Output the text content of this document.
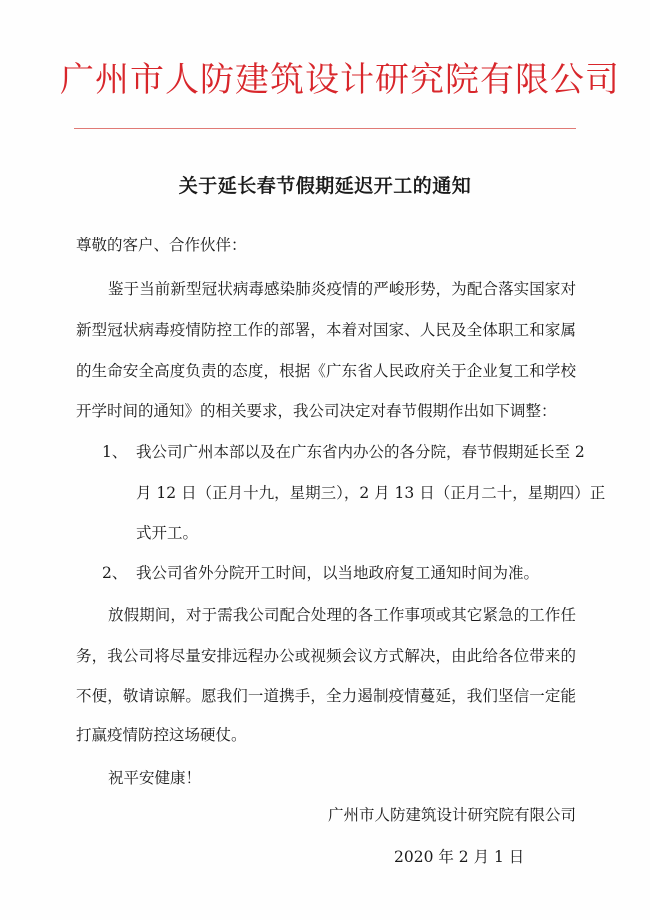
广州市人防建筑设计研究院有限公司
关于延长春节假期延迟开工的通知
尊敬的客户、合作伙伴：
鉴于当前新型冠状病毒感染肺炎疫情的严峻形势，为配合落实国家对
新型冠状病毒疫情防控工作的部署，本着对国家、人民及全体职工和家属
的生命安全高度负责的态度，根据《广东省人民政府关于企业复工和学校
开学时间的通知》的相关要求，我公司决定对春节假期作出如下调整：
1、 我公司广州本部以及在广东省内办公的各分院，春节假期延长至 2
月 12 日（正月十九，星期三），2 月 13 日（正月二十，星期四）正
式开工。
2、 我公司省外分院开工时间，以当地政府复工通知时间为准。
放假期间，对于需我公司配合处理的各工作事项或其它紧急的工作任
务，我公司将尽量安排远程办公或视频会议方式解决，由此给各位带来的
不便，敬请谅解。愿我们一道携手，全力遏制疫情蔓延，我们坚信一定能
打赢疫情防控这场硬仗。
祝平安健康！
广州市人防建筑设计研究院有限公司
2020 年 2 月 1 日
